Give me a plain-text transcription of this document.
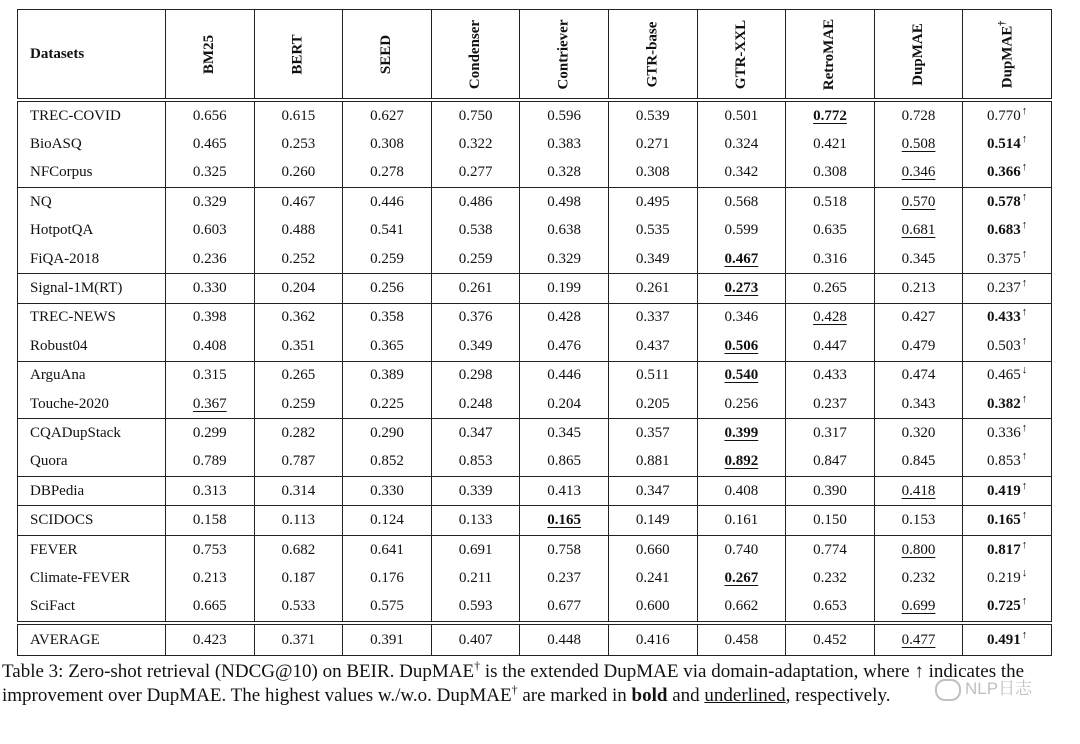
Datasets	BM25	BERT	SEED	Condenser	Contriever	GTR-base	GTR-XXL	RetroMAE	DupMAE	DupMAE†
TREC-COVID	0.656	0.615	0.627	0.750	0.596	0.539	0.501	0.772	0.728	0.770↑
BioASQ	0.465	0.253	0.308	0.322	0.383	0.271	0.324	0.421	0.508	0.514↑
NFCorpus	0.325	0.260	0.278	0.277	0.328	0.308	0.342	0.308	0.346	0.366↑
NQ	0.329	0.467	0.446	0.486	0.498	0.495	0.568	0.518	0.570	0.578↑
HotpotQA	0.603	0.488	0.541	0.538	0.638	0.535	0.599	0.635	0.681	0.683↑
FiQA-2018	0.236	0.252	0.259	0.259	0.329	0.349	0.467	0.316	0.345	0.375↑
Signal-1M(RT)	0.330	0.204	0.256	0.261	0.199	0.261	0.273	0.265	0.213	0.237↑
TREC-NEWS	0.398	0.362	0.358	0.376	0.428	0.337	0.346	0.428	0.427	0.433↑
Robust04	0.408	0.351	0.365	0.349	0.476	0.437	0.506	0.447	0.479	0.503↑
ArguAna	0.315	0.265	0.389	0.298	0.446	0.511	0.540	0.433	0.474	0.465↓
Touche-2020	0.367	0.259	0.225	0.248	0.204	0.205	0.256	0.237	0.343	0.382↑
CQADupStack	0.299	0.282	0.290	0.347	0.345	0.357	0.399	0.317	0.320	0.336↑
Quora	0.789	0.787	0.852	0.853	0.865	0.881	0.892	0.847	0.845	0.853↑
DBPedia	0.313	0.314	0.330	0.339	0.413	0.347	0.408	0.390	0.418	0.419↑
SCIDOCS	0.158	0.113	0.124	0.133	0.165	0.149	0.161	0.150	0.153	0.165↑
FEVER	0.753	0.682	0.641	0.691	0.758	0.660	0.740	0.774	0.800	0.817↑
Climate-FEVER	0.213	0.187	0.176	0.211	0.237	0.241	0.267	0.232	0.232	0.219↓
SciFact	0.665	0.533	0.575	0.593	0.677	0.600	0.662	0.653	0.699	0.725↑
AVERAGE	0.423	0.371	0.391	0.407	0.448	0.416	0.458	0.452	0.477	0.491↑
Table 3: Zero-shot retrieval (NDCG@10) on BEIR. DupMAE† is the extended DupMAE via domain-adaptation, where ↑ indicates the improvement over DupMAE. The highest values w./w.o. DupMAE† are marked in bold and underlined, respectively.	NLP日志
